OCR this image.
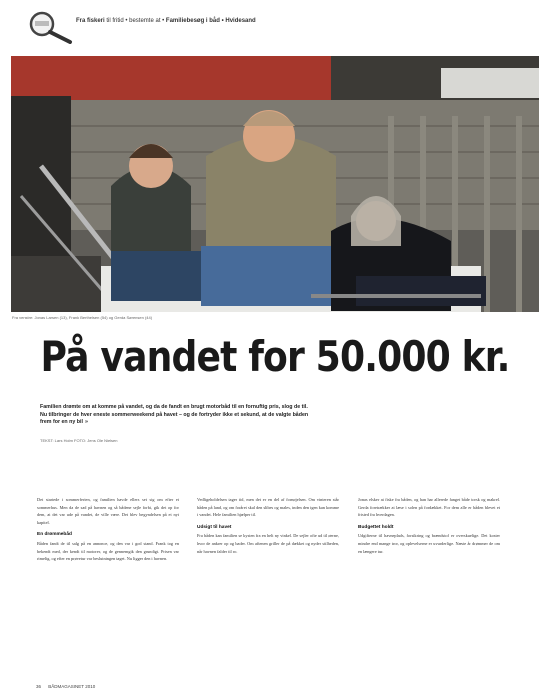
Fra fiskeri til fritid • bestemte at • Familiebesøg i båd • Hvidesand
Fra venstre: Jonas Larsen (13), Frank Berthelsen (54) og Gerda Sørensen (44)
På vandet for 50.000 kr.
Familien drømte om at komme på vandet, og da de fandt en brugt motorbåd til en fornuftig pris, slog de til. Nu tilbringer de hver eneste sommerweekend på havet – og de fortryder ikke et sekund, at de valgte båden frem for en ny bil »
TEKST: Lars Holm FOTO: Jens Ole Nielsen

Det startede i sommerferien, og familien havde ellers set sig om efter et sommerhus. Men da de sad på havnen og så bådene sejle forbi, gik det op for dem, at det var ude på vandet, de ville være. Det blev begyndelsen på et nyt kapitel.

En drømmebåd

Båden fandt de til salg på en annonce, og den var i god stand. Frank tog en bekendt med, der kendt til motorer, og de gennemgik den grundigt. Prisen var rimelig, og efter en prøvetur var beslutningen taget. Nu ligger den i havnen.

Vedligeholdelsen tager tid, men det er en del af fornøjelsen. Om vinteren står båden på land, og om foråret skal den slibes og males, inden den igen kan komme i vandet. Hele familien hjælper til.

Udsigt til havet

Fra båden kan familien se kysten fra en helt ny vinkel. De sejler ofte ud til øerne, hvor de ankrer op og bader. Om aftenen griller de på dækket og nyder stilheden, når havnen falder til ro.

Jonas elsker at fiske fra båden, og han har allerede fanget både torsk og makrel. Gerda foretrækker at læse i solen på fordækket. For dem alle er båden blevet et fristed fra hverdagen.

Budgettet holdt

Udgifterne til havneplads, forsikring og brændstof er overskuelige. Det koster mindre end mange tror, og oplevelserne er uvurderlige. Næste år drømmer de om en længere tur.

36 BÅDMAGASINET 2010
